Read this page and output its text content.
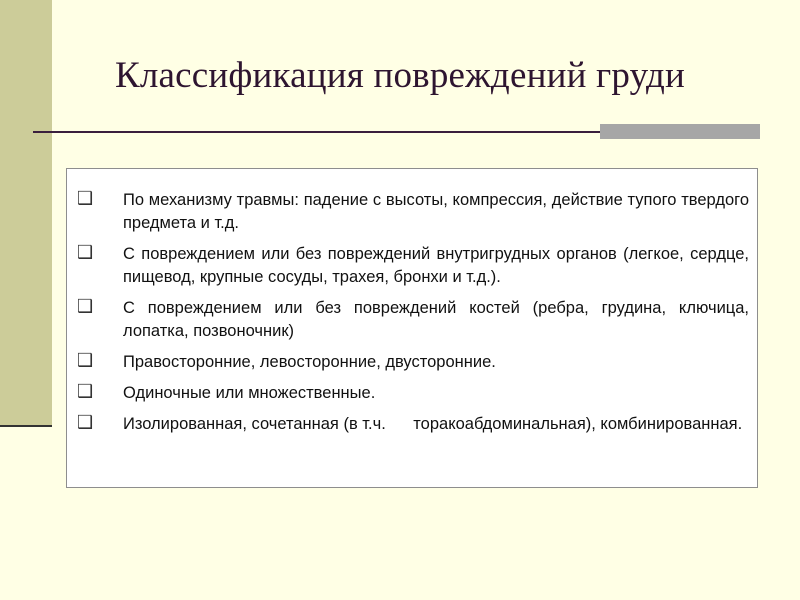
Классификация повреждений груди
❑ По механизму травмы: падение с высоты, компрессия, действие тупого твердого предмета и т.д.
❑ С повреждением или без повреждений внутригрудных органов (легкое, сердце, пищевод, крупные сосуды, трахея, бронхи и т.д.).
❑ С повреждением или без повреждений костей (ребра, грудина, ключица, лопатка, позвоночник)
❑ Правосторонние, левосторонние, двусторонние.
❑ Одиночные или множественные.
❑ Изолированная, сочетанная (в т.ч.      торакоабдоминальная), комбинированная.
